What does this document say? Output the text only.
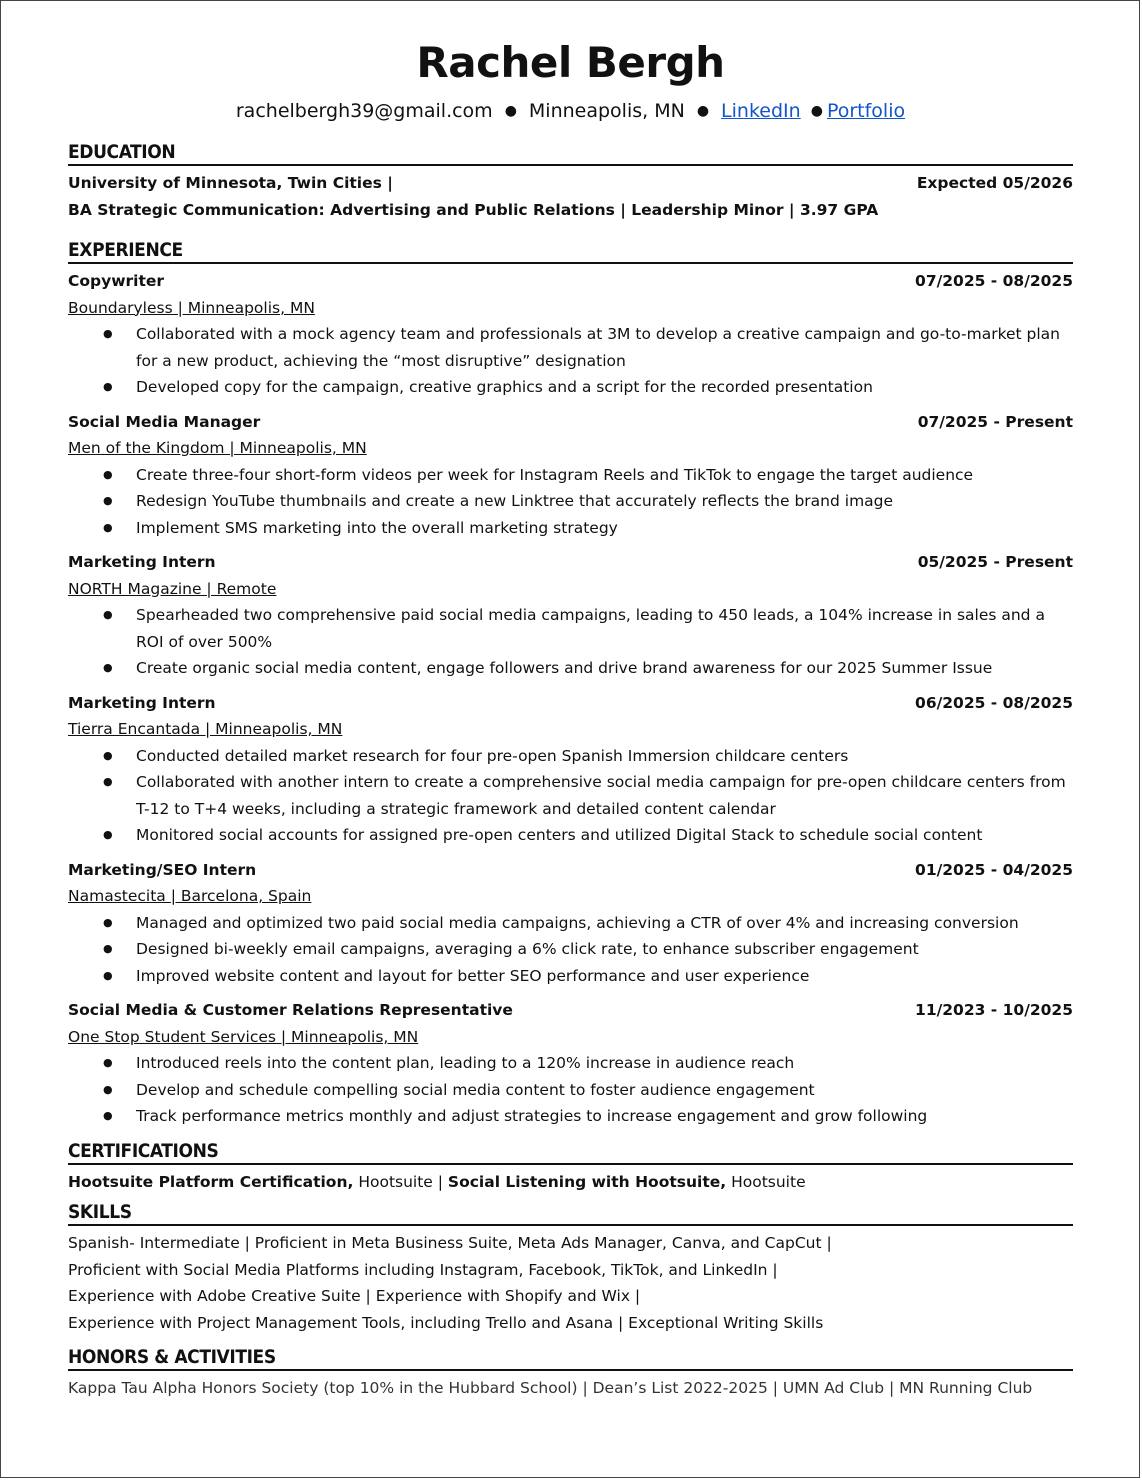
Rachel Bergh
rachelbergh39@gmail.com ● Minneapolis, MN ● LinkedIn ● Portfolio
EDUCATION
University of Minnesota, Twin Cities |	Expected 05/2026
BA Strategic Communication: Advertising and Public Relations | Leadership Minor | 3.97 GPA
EXPERIENCE
Copywriter	07/2025 - 08/2025
Boundaryless | Minneapolis, MN
● Collaborated with a mock agency team and professionals at 3M to develop a creative campaign and go-to-market plan for a new product, achieving the “most disruptive” designation
● Developed copy for the campaign, creative graphics and a script for the recorded presentation
Social Media Manager	07/2025 - Present
Men of the Kingdom | Minneapolis, MN
● Create three-four short-form videos per week for Instagram Reels and TikTok to engage the target audience
● Redesign YouTube thumbnails and create a new Linktree that accurately reflects the brand image
● Implement SMS marketing into the overall marketing strategy
Marketing Intern	05/2025 - Present
NORTH Magazine | Remote
● Spearheaded two comprehensive paid social media campaigns, leading to 450 leads, a 104% increase in sales and a ROI of over 500%
● Create organic social media content, engage followers and drive brand awareness for our 2025 Summer Issue
Marketing Intern	06/2025 - 08/2025
Tierra Encantada | Minneapolis, MN
● Conducted detailed market research for four pre-open Spanish Immersion childcare centers
● Collaborated with another intern to create a comprehensive social media campaign for pre-open childcare centers from T-12 to T+4 weeks, including a strategic framework and detailed content calendar
● Monitored social accounts for assigned pre-open centers and utilized Digital Stack to schedule social content
Marketing/SEO Intern	01/2025 - 04/2025
Namastecita | Barcelona, Spain
● Managed and optimized two paid social media campaigns, achieving a CTR of over 4% and increasing conversion
● Designed bi-weekly email campaigns, averaging a 6% click rate, to enhance subscriber engagement
● Improved website content and layout for better SEO performance and user experience
Social Media & Customer Relations Representative	11/2023 - 10/2025
One Stop Student Services | Minneapolis, MN
● Introduced reels into the content plan, leading to a 120% increase in audience reach
● Develop and schedule compelling social media content to foster audience engagement
● Track performance metrics monthly and adjust strategies to increase engagement and grow following
CERTIFICATIONS
Hootsuite Platform Certification, Hootsuite | Social Listening with Hootsuite, Hootsuite
SKILLS
Spanish- Intermediate | Proficient in Meta Business Suite, Meta Ads Manager, Canva, and CapCut |
Proficient with Social Media Platforms including Instagram, Facebook, TikTok, and LinkedIn |
Experience with Adobe Creative Suite | Experience with Shopify and Wix |
Experience with Project Management Tools, including Trello and Asana | Exceptional Writing Skills
HONORS & ACTIVITIES
Kappa Tau Alpha Honors Society (top 10% in the Hubbard School) | Dean’s List 2022-2025 | UMN Ad Club | MN Running Club
